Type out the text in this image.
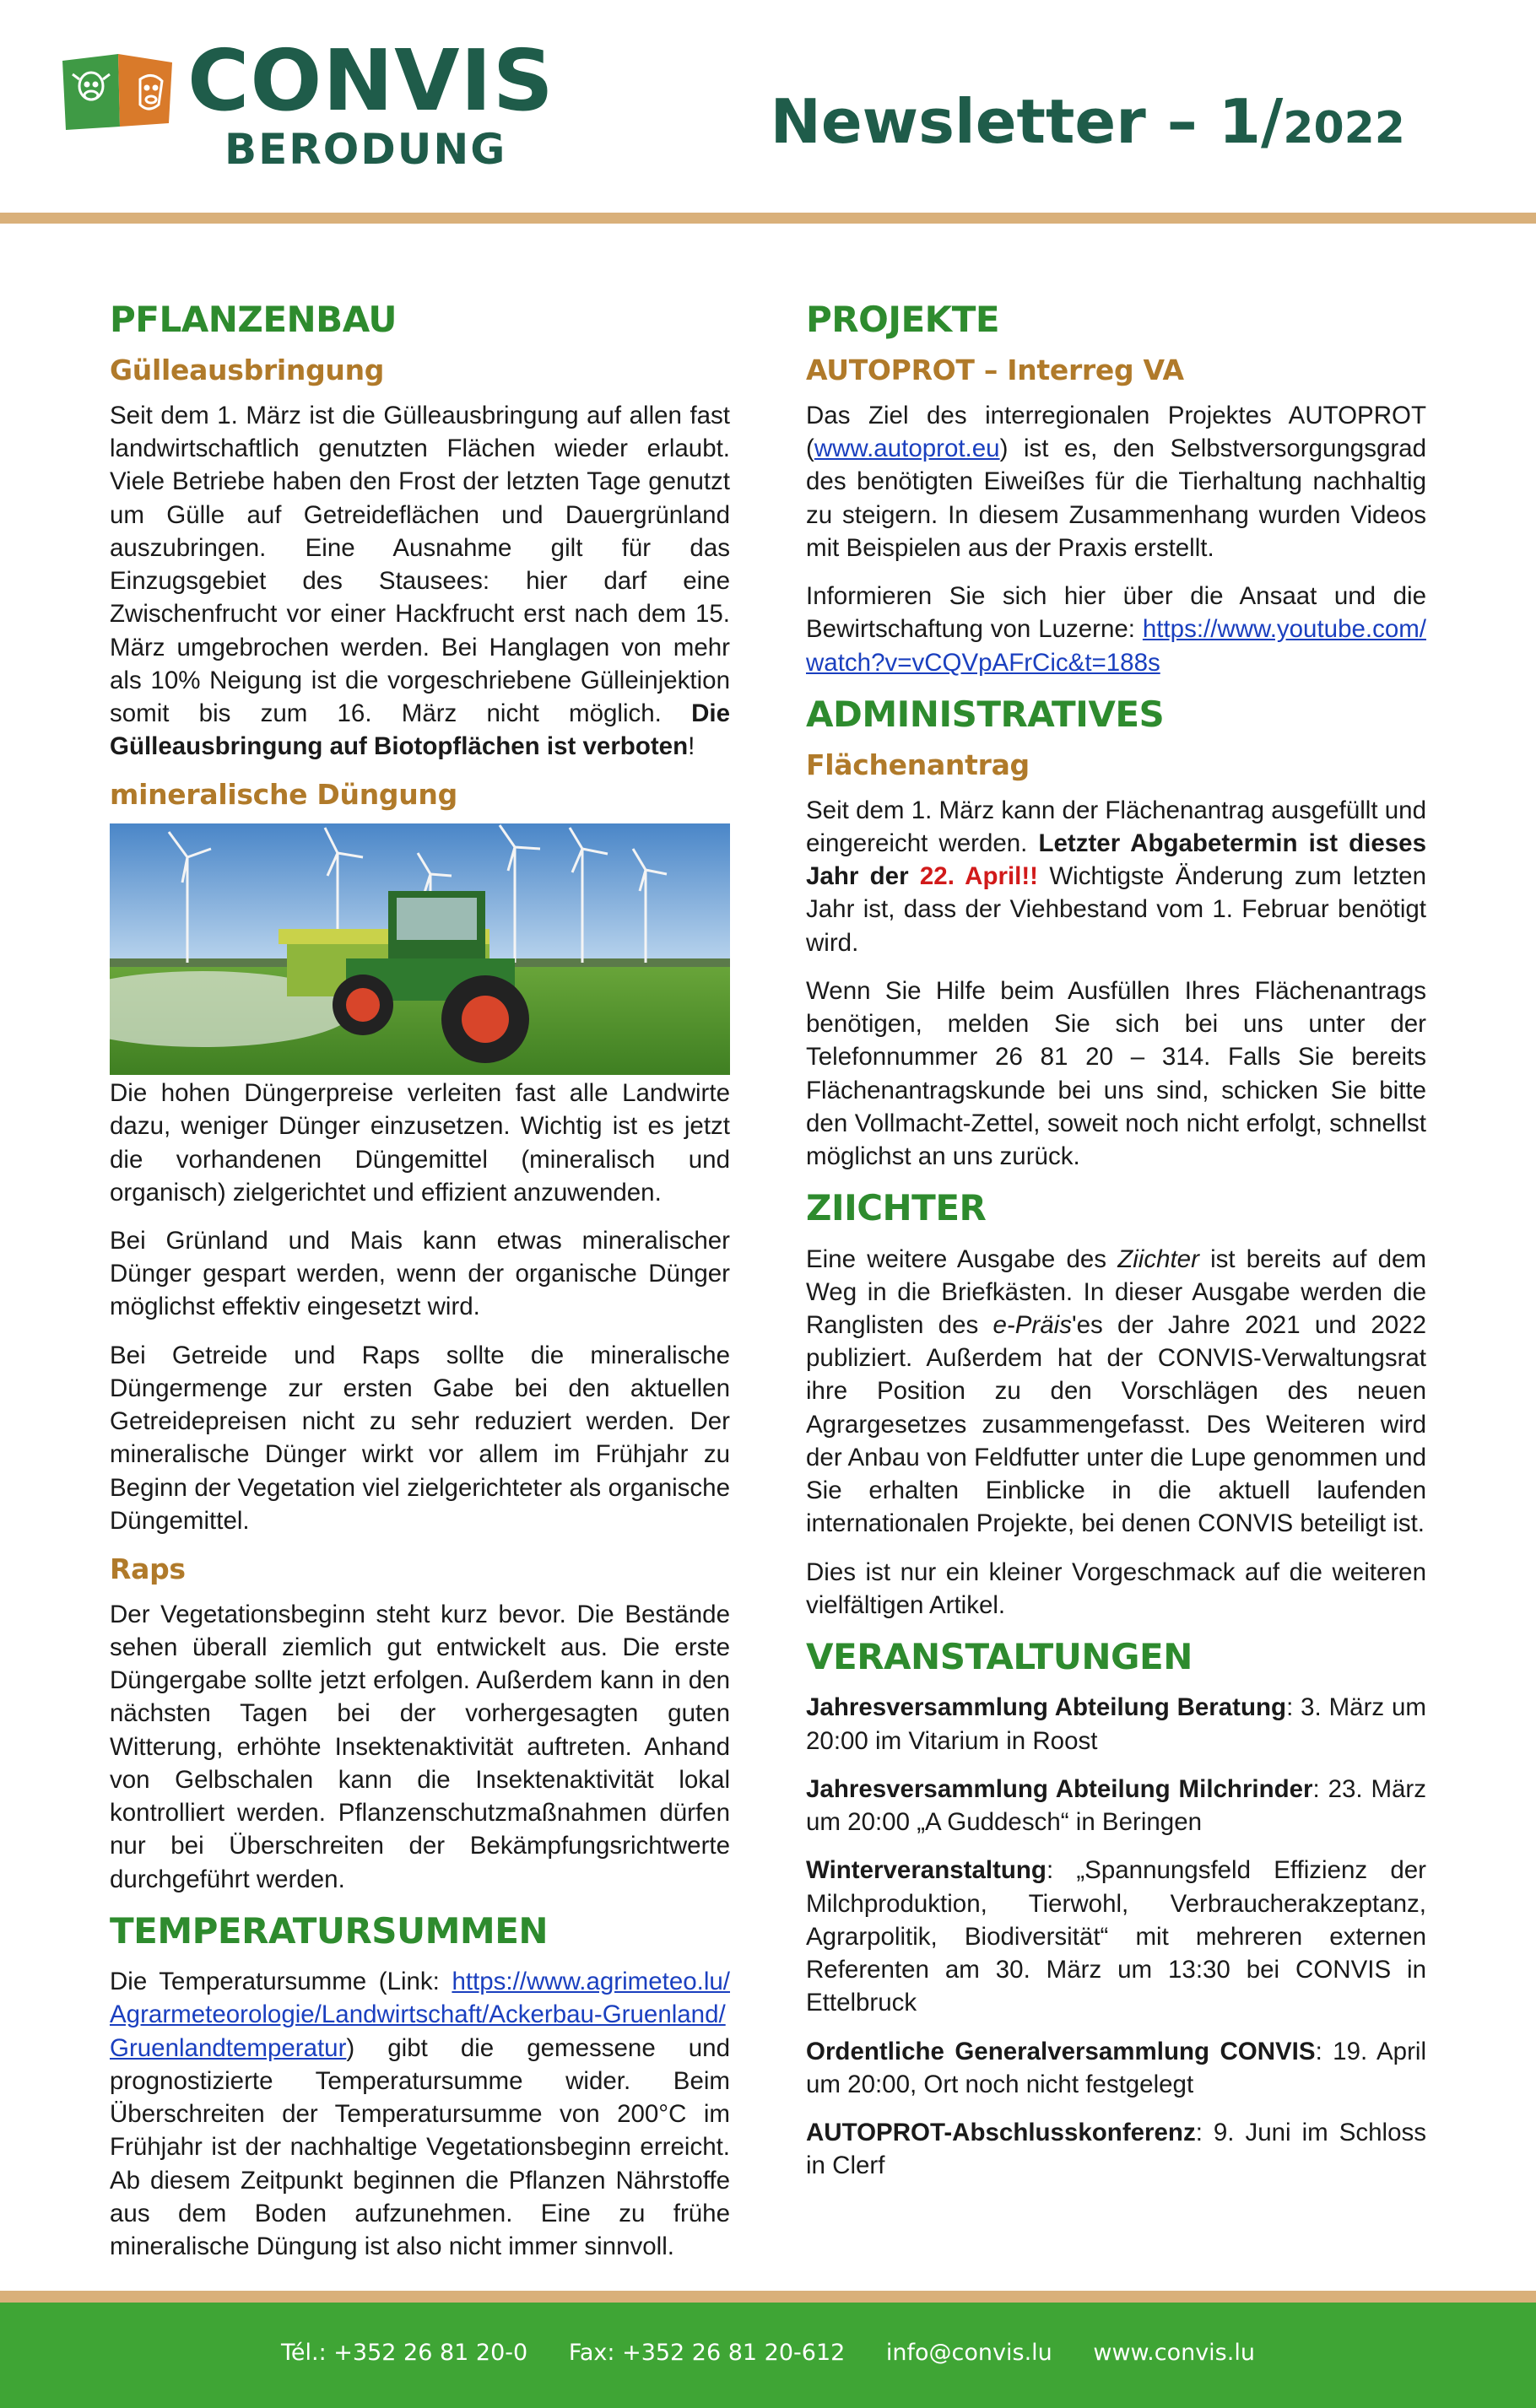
CONVIS
BERODUNG	Newsletter – 1/2022
PFLANZENBAU
Gülleausbringung

Seit dem 1. März ist die Gülleausbringung auf allen fast landwirtschaftlich genutzten Flächen wieder erlaubt. Viele Betriebe haben den Frost der letzten Tage genutzt um Gülle auf Getreideflächen und Dauergrünland auszubringen. Eine Ausnahme gilt für das Einzugsgebiet des Stausees: hier darf eine Zwischenfrucht vor einer Hackfrucht erst nach dem 15. März umgebrochen werden. Bei Hanglagen von mehr als 10% Neigung ist die vorgeschriebene Gülleinjektion somit bis zum 16. März nicht möglich. Die Gülleausbringung auf Biotopflächen ist verboten!

mineralische Düngung

Die hohen Düngerpreise verleiten fast alle Landwirte dazu, weniger Dünger einzusetzen. Wichtig ist es jetzt die vorhandenen Düngemittel (mineralisch und organisch) zielgerichtet und effizient anzuwenden.

Bei Grünland und Mais kann etwas mineralischer Dünger gespart werden, wenn der organische Dünger möglichst effektiv eingesetzt wird.

Bei Getreide und Raps sollte die mineralische Düngermenge zur ersten Gabe bei den aktuellen Getreidepreisen nicht zu sehr reduziert werden. Der mineralische Dünger wirkt vor allem im Frühjahr zu Beginn der Vegetation viel zielgerichteter als organische Düngemittel.

Raps

Der Vegetationsbeginn steht kurz bevor. Die Bestände sehen überall ziemlich gut entwickelt aus. Die erste Düngergabe sollte jetzt erfolgen. Außerdem kann in den nächsten Tagen bei der vorhergesagten guten Witterung, erhöhte Insektenaktivität auftreten. Anhand von Gelbschalen kann die Insektenaktivität lokal kontrolliert werden. Pflanzenschutzmaßnahmen dürfen nur bei Überschreiten der Bekämpfungsrichtwerte durchgeführt werden.

TEMPERATURSUMMEN

Die Temperatursumme (Link: https://www.agrimeteo.lu/Agrarmeteorologie/Landwirtschaft/Ackerbau-Gruenland/Gruenlandtemperatur) gibt die gemessene und prognostizierte Temperatursumme wider. Beim Überschreiten der Temperatursumme von 200°C im Frühjahr ist der nachhaltige Vegetationsbeginn erreicht. Ab diesem Zeitpunkt beginnen die Pflanzen Nährstoffe aus dem Boden aufzunehmen. Eine zu frühe mineralische Düngung ist also nicht immer sinnvoll.

PROJEKTE
AUTOPROT – Interreg VA

Das Ziel des interregionalen Projektes AUTOPROT (www.autoprot.eu) ist es, den Selbstversorgungsgrad des benötigten Eiweißes für die Tierhaltung nachhaltig zu steigern. In diesem Zusammenhang wurden Videos mit Beispielen aus der Praxis erstellt.

Informieren Sie sich hier über die Ansaat und die Bewirtschaftung von Luzerne: https://www.youtube.com/watch?v=vCQVpAFrCic&t=188s

ADMINISTRATIVES
Flächenantrag

Seit dem 1. März kann der Flächenantrag ausgefüllt und eingereicht werden. Letzter Abgabetermin ist dieses Jahr der 22. April!! Wichtigste Änderung zum letzten Jahr ist, dass der Viehbestand vom 1. Februar benötigt wird.

Wenn Sie Hilfe beim Ausfüllen Ihres Flächenantrags benötigen, melden Sie sich bei uns unter der Telefonnummer 26 81 20 – 314. Falls Sie bereits Flächenantragskunde bei uns sind, schicken Sie bitte den Vollmacht-Zettel, soweit noch nicht erfolgt, schnellst möglichst an uns zurück.

ZIICHTER

Eine weitere Ausgabe des Ziichter ist bereits auf dem Weg in die Briefkästen. In dieser Ausgabe werden die Ranglisten des e-Präis'es der Jahre 2021 und 2022 publiziert. Außerdem hat der CONVIS-Verwaltungsrat ihre Position zu den Vorschlägen des neuen Agrargesetzes zusammengefasst. Des Weiteren wird der Anbau von Feldfutter unter die Lupe genommen und Sie erhalten Einblicke in die aktuell laufenden internationalen Projekte, bei denen CONVIS beteiligt ist.

Dies ist nur ein kleiner Vorgeschmack auf die weiteren vielfältigen Artikel.

VERANSTALTUNGEN

Jahresversammlung Abteilung Beratung: 3. März um 20:00 im Vitarium in Roost

Jahresversammlung Abteilung Milchrinder: 23. März um 20:00 „A Guddesch“ in Beringen

Winterveranstaltung: „Spannungsfeld Effizienz der Milchproduktion, Tierwohl, Verbraucherakzeptanz, Agrarpolitik, Biodiversität“ mit mehreren externen Referenten am 30. März um 13:30 bei CONVIS in Ettelbruck

Ordentliche Generalversammlung CONVIS: 19. April um 20:00, Ort noch nicht festgelegt

AUTOPROT-Abschlusskonferenz: 9. Juni im Schloss in Clerf

Tél.: +352 26 81 20-0 Fax: +352 26 81 20-612 info@convis.lu www.convis.lu
